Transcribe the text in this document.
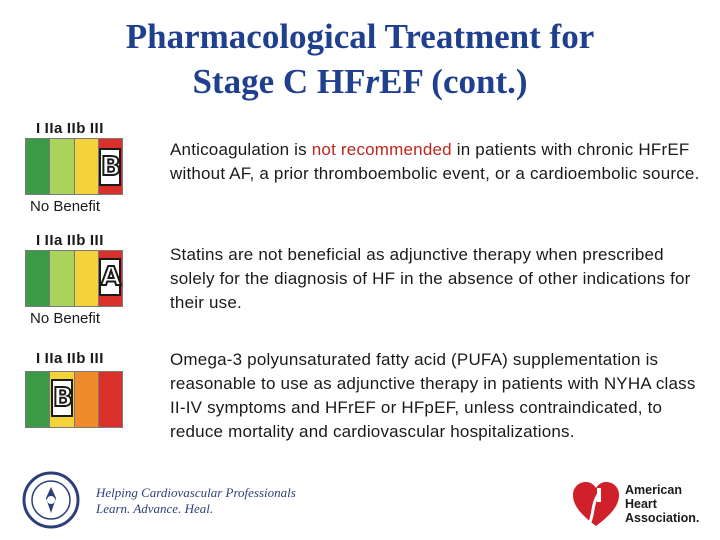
Pharmacological Treatment for
Stage C HFrEF (cont.)
I IIa IIb III
B
No Benefit
Anticoagulation is not recommended in patients with chronic HFrEF without AF, a prior thromboembolic event, or a cardioembolic source.
I IIa IIb III
A
No Benefit
Statins are not beneficial as adjunctive therapy when prescribed solely for the diagnosis of HF in the absence of other indications for their use.
I IIa IIb III
B
Omega-3 polyunsaturated fatty acid (PUFA) supplementation is reasonable to use as adjunctive therapy in patients with NYHA class II-IV symptoms and HFrEF or HFpEF, unless contraindicated, to reduce mortality and cardiovascular hospitalizations.
Helping Cardiovascular Professionals
Learn. Advance. Heal.
American
Heart
Association.
